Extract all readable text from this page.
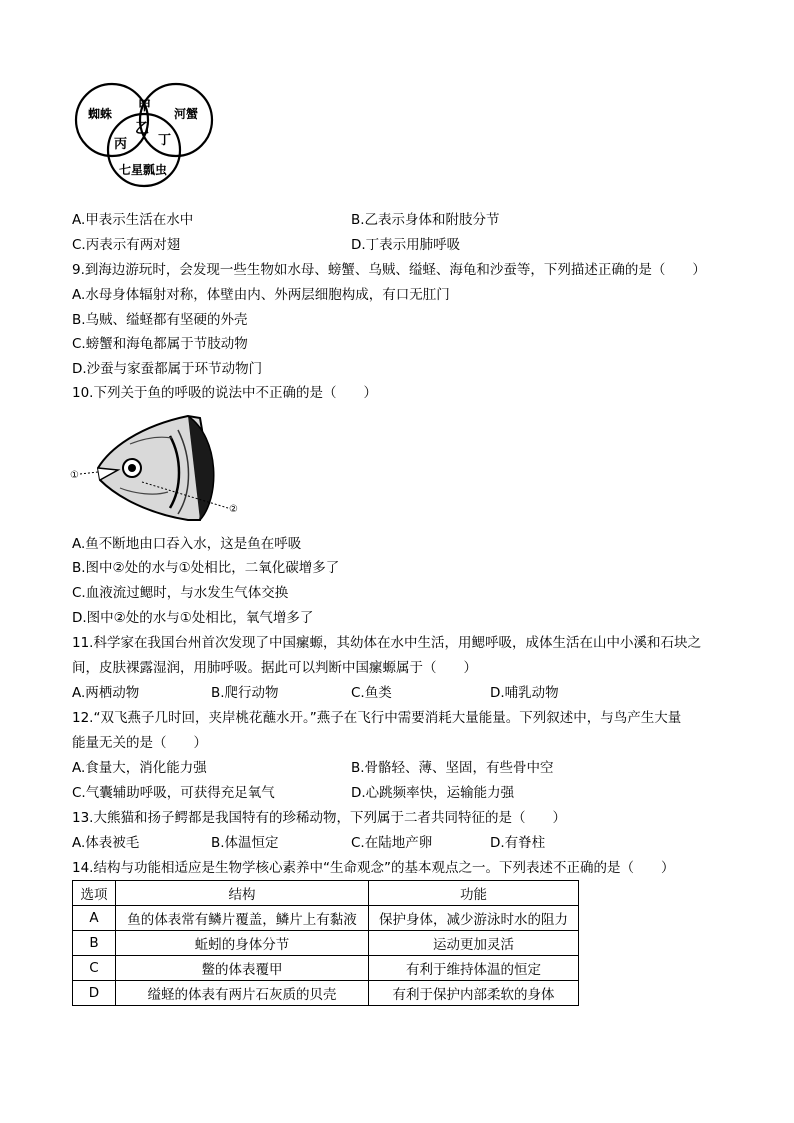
蜘蛛	河蟹
七星瓢虫
甲
乙
丙 丁
A.甲表示生活在水中	B.乙表示身体和附肢分节
C.丙表示有两对翅	D.丁表示用肺呼吸
9.到海边游玩时，会发现一些生物如水母、螃蟹、乌贼、缢蛏、海龟和沙蚕等，下列描述正确的是（　　）
A.水母身体辐射对称，体壁由内、外两层细胞构成，有口无肛门
B.乌贼、缢蛏都有坚硬的外壳
C.螃蟹和海龟都属于节肢动物
D.沙蚕与家蚕都属于环节动物门
10.下列关于鱼的呼吸的说法中不正确的是（　　）
①
②
A.鱼不断地由口吞入水，这是鱼在呼吸
B.图中②处的水与①处相比，二氧化碳增多了
C.血液流过鳃时，与水发生气体交换
D.图中②处的水与①处相比，氧气增多了
11.科学家在我国台州首次发现了中国瘰螈，其幼体在水中生活，用鳃呼吸，成体生活在山中小溪和石块之
间，皮肤裸露湿润，用肺呼吸。据此可以判断中国瘰螈属于（　　）
A.两栖动物	B.爬行动物	C.鱼类	D.哺乳动物
12.“双飞燕子几时回，夹岸桃花蘸水开。”燕子在飞行中需要消耗大量能量。下列叙述中，与鸟产生大量
能量无关的是（　　）
A.食量大，消化能力强	B.骨骼轻、薄、坚固，有些骨中空
C.气囊辅助呼吸，可获得充足氧气	D.心跳频率快，运输能力强
13.大熊猫和扬子鳄都是我国特有的珍稀动物，下列属于二者共同特征的是（　　）
A.体表被毛	B.体温恒定	C.在陆地产卵	D.有脊柱
14.结构与功能相适应是生物学核心素养中“生命观念”的基本观点之一。下列表述不正确的是（　　）
选项	结构	功能
A	鱼的体表常有鳞片覆盖，鳞片上有黏液	保护身体，减少游泳时水的阻力
B	蚯蚓的身体分节	运动更加灵活
C	鳖的体表覆甲	有利于维持体温的恒定
D	缢蛏的体表有两片石灰质的贝壳	有利于保护内部柔软的身体
